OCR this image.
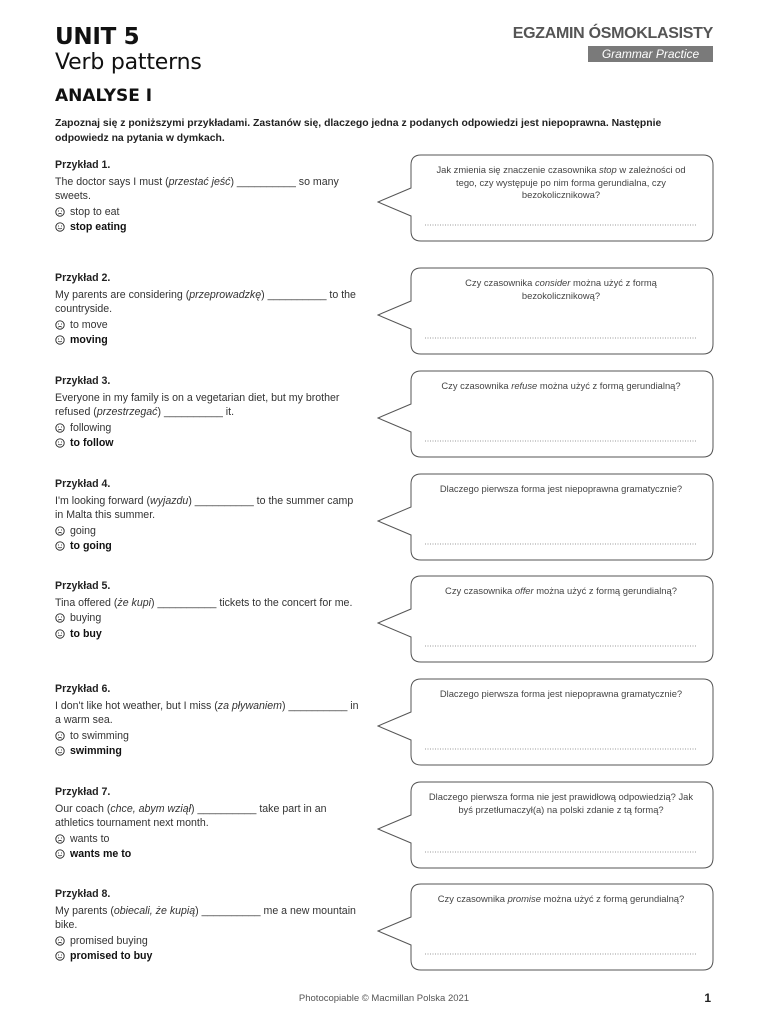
UNIT 5
Verb patterns
EGZAMIN ÓSMOKLASISTY
Grammar Practice
ANALYSE I
Zapoznaj się z poniższymi przykładami. Zastanów się, dlaczego jedna z podanych odpowiedzi jest niepoprawna. Następnie odpowiedz na pytania w dymkach.
Przykład 1.
The doctor says I must (przestać jeść) __________ so many sweets.
stop to eat
stop eating
Jak zmienia się znaczenie czasownika stop w zależności od tego, czy występuje po nim forma gerundialna, czy bezokolicznikowa?
Przykład 2.
My parents are considering (przeprowadzkę) __________ to the countryside.
to move
moving
Czy czasownika consider można użyć z formą bezokolicznikową?
Przykład 3.
Everyone in my family is on a vegetarian diet, but my brother refused (przestrzegać) __________ it.
following
to follow
Czy czasownika refuse można użyć z formą gerundialną?
Przykład 4.
I'm looking forward (wyjazdu) __________ to the summer camp in Malta this summer.
going
to going
Dlaczego pierwsza forma jest niepoprawna gramatycznie?
Przykład 5.
Tina offered (że kupi) __________ tickets to the concert for me.
buying
to buy
Czy czasownika offer można użyć z formą gerundialną?
Przykład 6.
I don't like hot weather, but I miss (za pływaniem) __________ in a warm sea.
to swimming
swimming
Dlaczego pierwsza forma jest niepoprawna gramatycznie?
Przykład 7.
Our coach (chce, abym wziął) __________ take part in an athletics tournament next month.
wants to
wants me to
Dlaczego pierwsza forma nie jest prawidłową odpowiedzią? Jak byś przetłumaczył(a) na polski zdanie z tą formą?
Przykład 8.
My parents (obiecali, że kupią) __________ me a new mountain bike.
promised buying
promised to buy
Czy czasownika promise można użyć z formą gerundialną?
Photocopiable © Macmillan Polska 2021	1
